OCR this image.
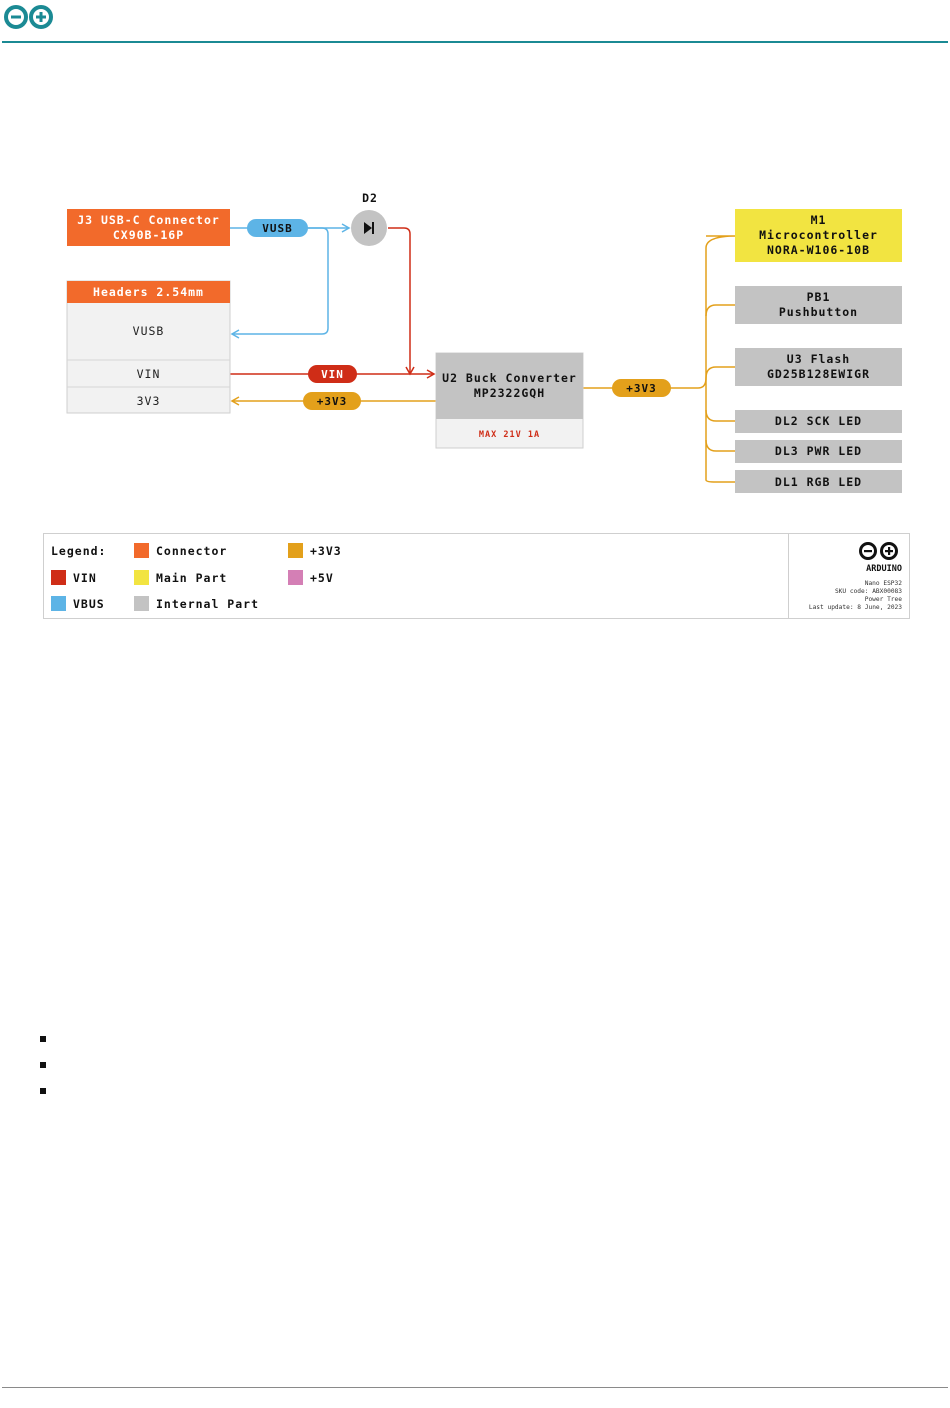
J3 USB-C Connector
CX90B-16P	VUSB
D2
Headers 2.54mm
VUSB
VIN
3V3
VIN
+3V3
U2 Buck Converter
MP2322GQH
MAX 21V 1A
+3V3
M1
Microcontroller
NORA-W106-10B
PB1
Pushbutton
U3 Flash
GD25B128EWIGR
DL2 SCK LED
DL3 PWR LED
DL1 RGB LED
Legend:	Connector	+3V3
VIN	Main Part	+5V
VBUS	Internal Part
ARDUINO
Nano ESP32
SKU code: ABX00083
Power Tree
Last update: 8 June, 2023
